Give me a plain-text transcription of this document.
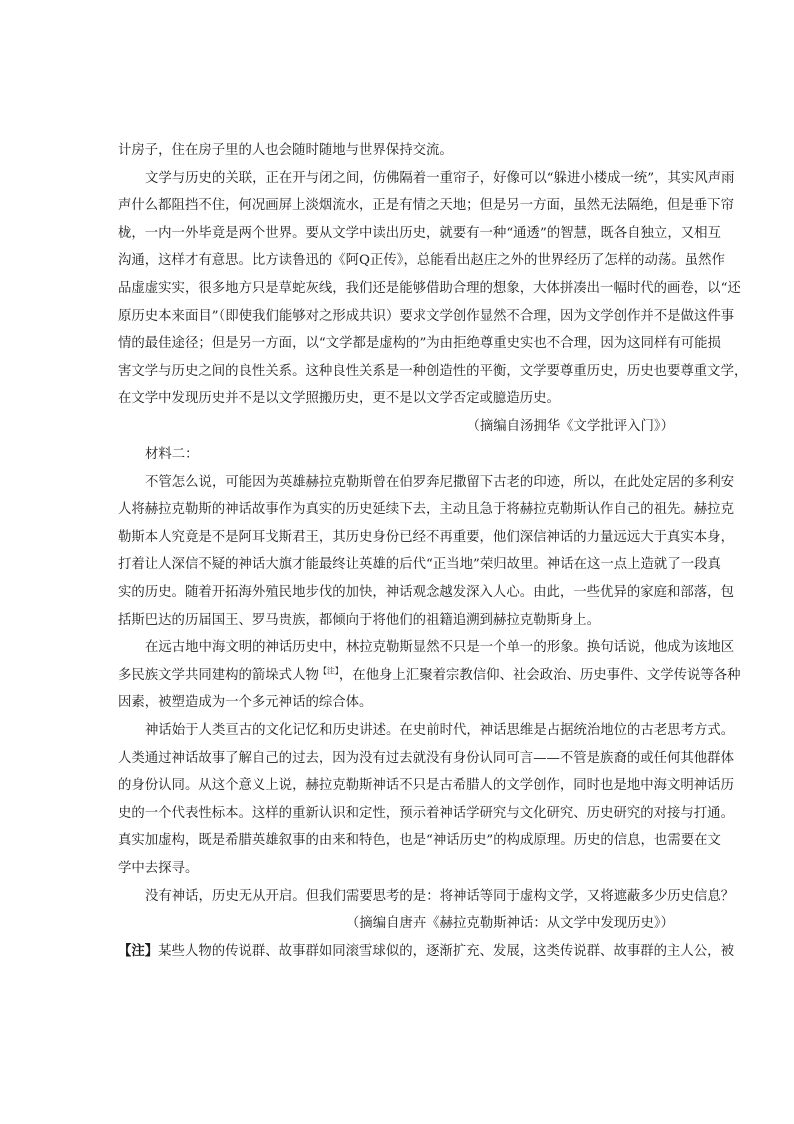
计房子，住在房子里的人也会随时随地与世界保持交流。
文学与历史的关联，正在开与闭之间，仿佛隔着一重帘子，好像可以“躲进小楼成一统”，其实风声雨
声什么都阻挡不住，何况画屏上淡烟流水，正是有情之天地；但是另一方面，虽然无法隔绝，但是垂下帘
栊，一内一外毕竟是两个世界。要从文学中读出历史，就要有一种“通透”的智慧，既各自独立，又相互
沟通，这样才有意思。比方读鲁迅的《阿Q正传》，总能看出赵庄之外的世界经历了怎样的动荡。虽然作
品虚虚实实，很多地方只是草蛇灰线，我们还是能够借助合理的想象，大体拼凑出一幅时代的画卷，以“还
原历史本来面目”（即使我们能够对之形成共识）要求文学创作显然不合理，因为文学创作并不是做这件事
情的最佳途径；但是另一方面，以“文学都是虚构的”为由拒绝尊重史实也不合理，因为这同样有可能损
害文学与历史之间的良性关系。这种良性关系是一种创造性的平衡，文学要尊重历史，历史也要尊重文学，
在文学中发现历史并不是以文学照搬历史，更不是以文学否定或臆造历史。
（摘编自汤拥华《文学批评入门》）
材料二：
不管怎么说，可能因为英雄赫拉克勒斯曾在伯罗奔尼撒留下古老的印迹，所以，在此处定居的多利安
人将赫拉克勒斯的神话故事作为真实的历史延续下去，主动且急于将赫拉克勒斯认作自己的祖先。赫拉克
勒斯本人究竟是不是阿耳戈斯君王，其历史身份已经不再重要，他们深信神话的力量远远大于真实本身，
打着让人深信不疑的神话大旗才能最终让英雄的后代“正当地”荣归故里。神话在这一点上造就了一段真
实的历史。随着开拓海外殖民地步伐的加快，神话观念越发深入人心。由此，一些优异的家庭和部落，包
括斯巴达的历届国王、罗马贵族，都倾向于将他们的祖籍追溯到赫拉克勒斯身上。
在远古地中海文明的神话历史中，林拉克勒斯显然不只是一个单一的形象。换句话说，他成为该地区
多民族文学共同建构的箭垛式人物$^{【注】}$，在他身上汇聚着宗教信仰、社会政治、历史事件、文学传说等各种
因素，被塑造成为一个多元神话的综合体。
神话始于人类亘古的文化记忆和历史讲述。在史前时代，神话思维是占据统治地位的古老思考方式。
人类通过神话故事了解自己的过去，因为没有过去就没有身份认同可言——不管是族裔的或任何其他群体
的身份认同。从这个意义上说，赫拉克勒斯神话不只是古希腊人的文学创作，同时也是地中海文明神话历
史的一个代表性标本。这样的重新认识和定性，预示着神话学研究与文化研究、历史研究的对接与打通。
真实加虚构，既是希腊英雄叙事的由来和特色，也是“神话历史”的构成原理。历史的信息，也需要在文
学中去探寻。
没有神话，历史无从开启。但我们需要思考的是：将神话等同于虚构文学，又将遮蔽多少历史信息？
（摘编自唐卉《赫拉克勒斯神话：从文学中发现历史》）
【注】某些人物的传说群、故事群如同滚雪球似的，逐渐扩充、发展，这类传说群、故事群的主人公，被
